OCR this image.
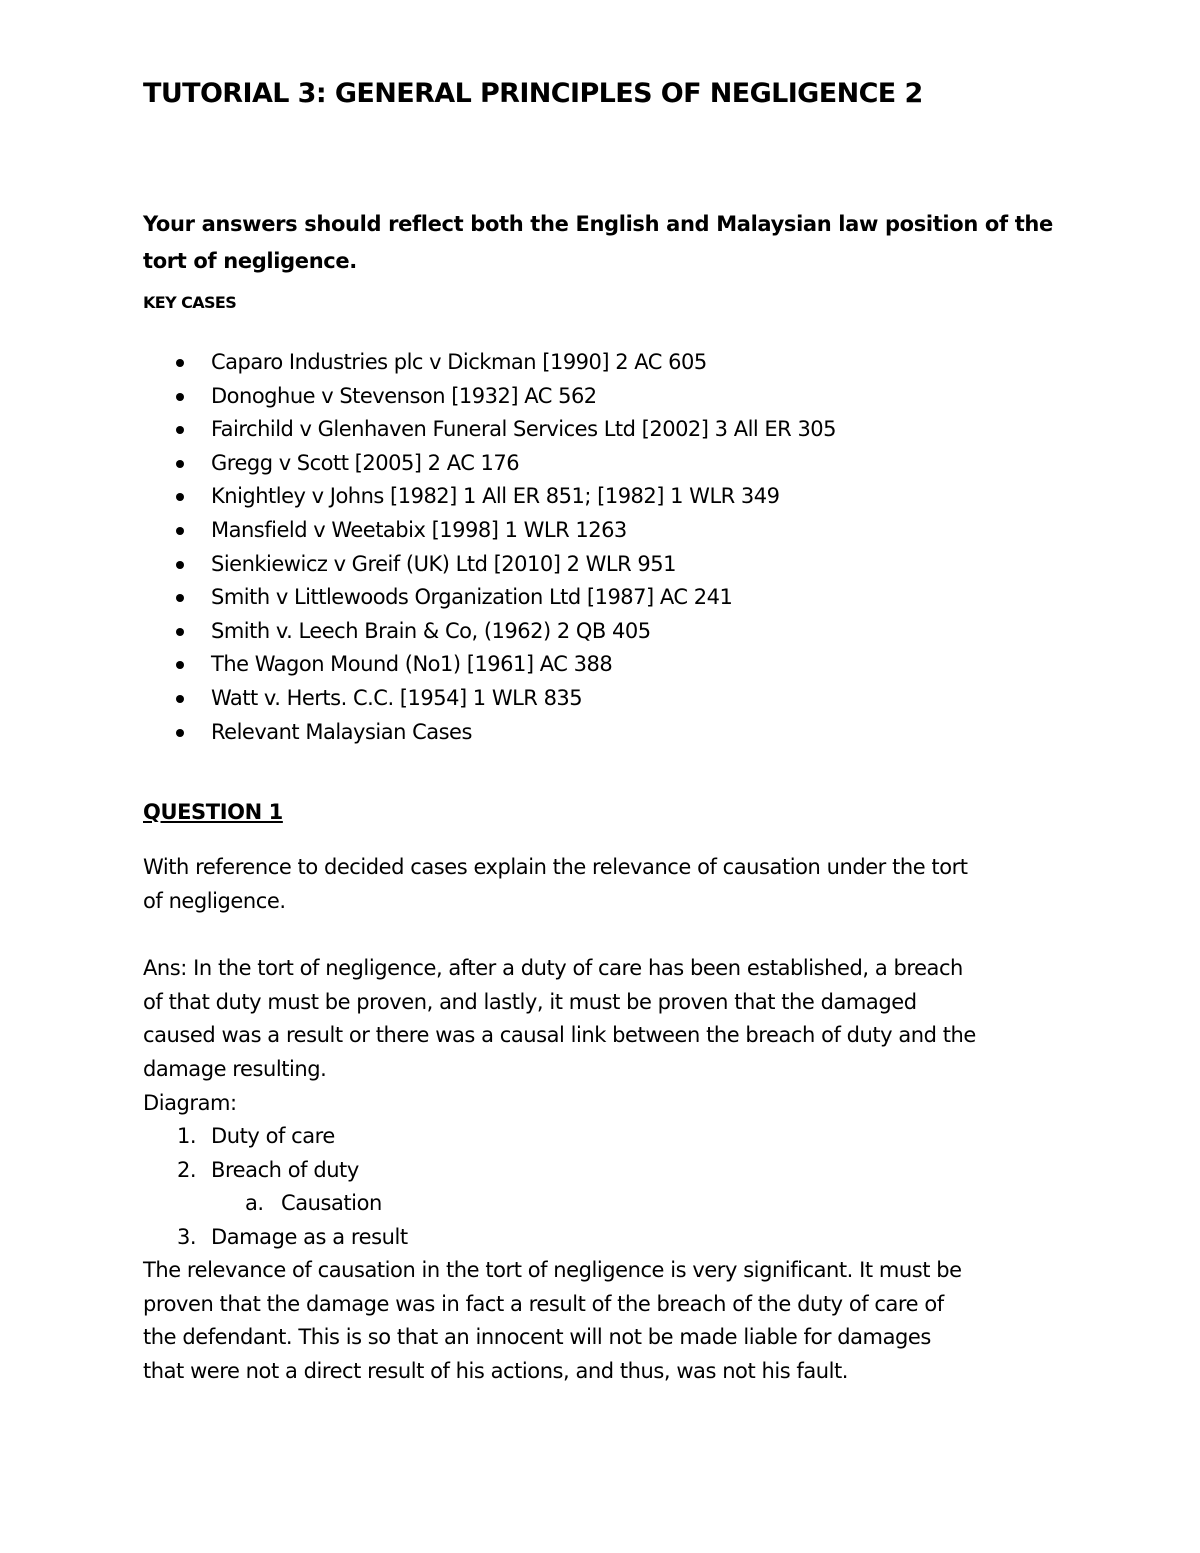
TUTORIAL 3: GENERAL PRINCIPLES OF NEGLIGENCE 2
Your answers should reflect both the English and Malaysian law position of the
tort of negligence.
KEY CASES
Caparo Industries plc v Dickman [1990] 2 AC 605
Donoghue v Stevenson [1932] AC 562
Fairchild v Glenhaven Funeral Services Ltd [2002] 3 All ER 305
Gregg v Scott [2005] 2 AC 176
Knightley v Johns [1982] 1 All ER 851; [1982] 1 WLR 349
Mansfield v Weetabix [1998] 1 WLR 1263
Sienkiewicz v Greif (UK) Ltd [2010] 2 WLR 951
Smith v Littlewoods Organization Ltd [1987] AC 241
Smith v. Leech Brain & Co, (1962) 2 QB 405
The Wagon Mound (No1) [1961] AC 388
Watt v. Herts. C.C. [1954] 1 WLR 835
Relevant Malaysian Cases
QUESTION 1
With reference to decided cases explain the relevance of causation under the tort
of negligence.
Ans: In the tort of negligence, after a duty of care has been established, a breach
of that duty must be proven, and lastly, it must be proven that the damaged
caused was a result or there was a causal link between the breach of duty and the
damage resulting.
Diagram:
1. Duty of care
2. Breach of duty
a. Causation
3. Damage as a result
The relevance of causation in the tort of negligence is very significant. It must be
proven that the damage was in fact a result of the breach of the duty of care of
the defendant. This is so that an innocent will not be made liable for damages
that were not a direct result of his actions, and thus, was not his fault.
